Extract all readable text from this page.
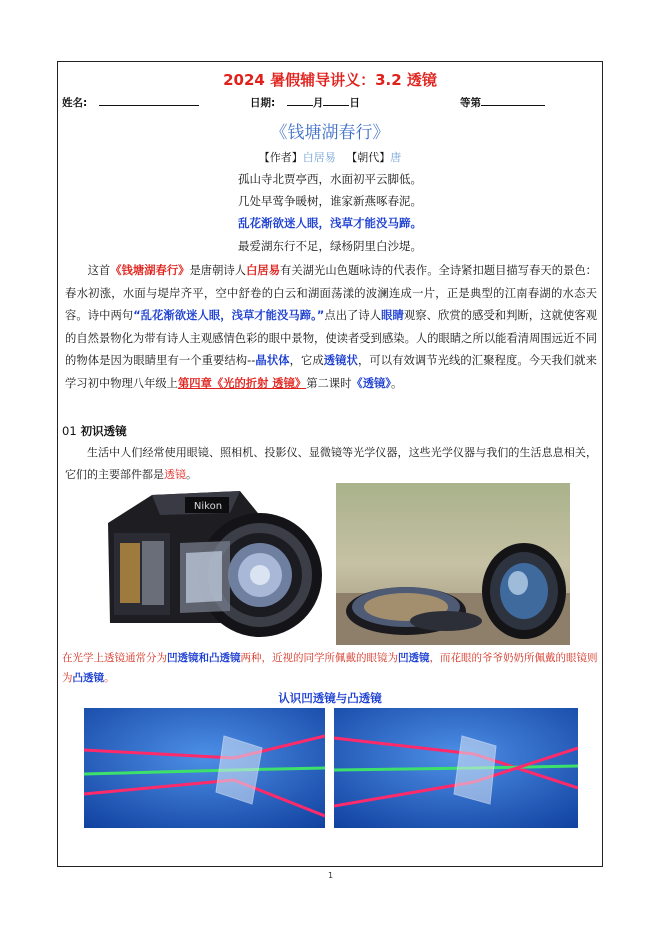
2024 暑假辅导讲义：3.2 透镜
姓名:	日期:	月 日	等第
《钱塘湖春行》
【作者】白居易 【朝代】唐
孤山寺北贾亭西，水面初平云脚低。
几处早莺争暖树，谁家新燕啄春泥。
乱花渐欲迷人眼，浅草才能没马蹄。
最爱湖东行不足，绿杨阴里白沙堤。

这首《钱塘湖春行》是唐朝诗人白居易有关湖光山色题咏诗的代表作。全诗紧扣题目描写春天的景色：春水初涨，水面与堤岸齐平，空中舒卷的白云和湖面荡漾的波澜连成一片，正是典型的江南春湖的水态天容。诗中两句“乱花渐欲迷人眼，浅草才能没马蹄。”点出了诗人眼睛观察、欣赏的感受和判断，这就使客观的自然景物化为带有诗人主观感情色彩的眼中景物，使读者受到感染。人的眼睛之所以能看清周围远近不同的物体是因为眼睛里有一个重要结构--晶状体，它成透镜状，可以有效调节光线的汇聚程度。今天我们就来学习初中物理八年级上第四章《光的折射 透镜》第二课时《透镜》。

01 初识透镜

生活中人们经常使用眼镜、照相机、投影仪、显微镜等光学仪器，这些光学仪器与我们的生活息息相关，它们的主要部件都是透镜。

Nikon

在光学上透镜通常分为凹透镜和凸透镜两种，近视的同学所佩戴的眼镜为凹透镜，而花眼的爷爷奶奶所佩戴的眼镜则为凸透镜。

认识凹透镜与凸透镜
1
